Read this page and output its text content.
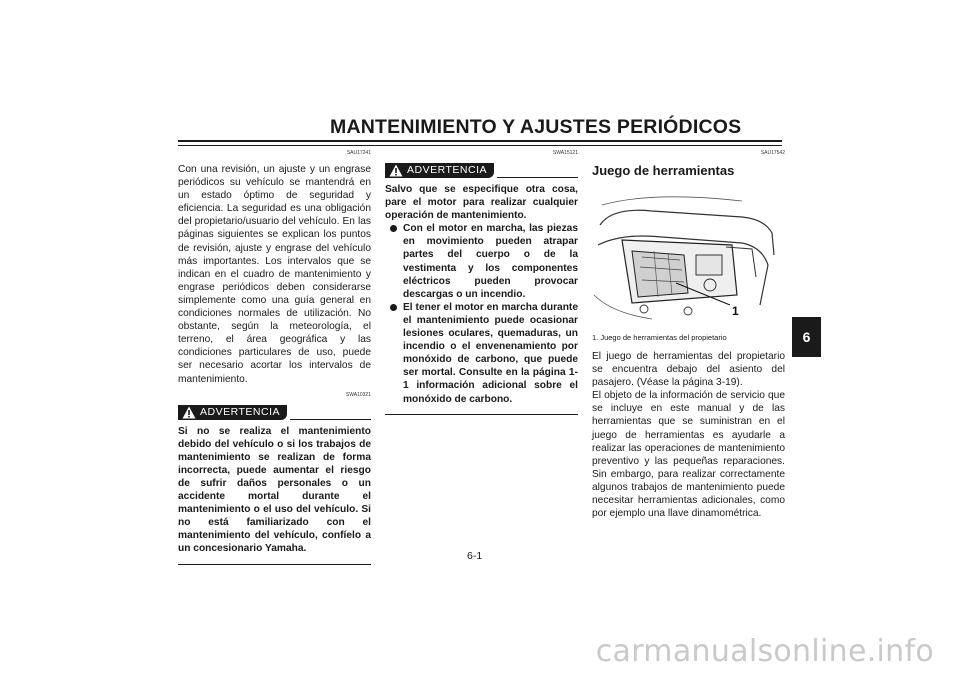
MANTENIMIENTO Y AJUSTES PERIÓDICOS
SAU17241

Con una revisión, un ajuste y un engrase periódicos su vehículo se mantendrá en un estado óptimo de seguridad y eficiencia. La seguridad es una obligación del propietario/usuario del vehículo. En las páginas siguientes se explican los puntos de revisión, ajuste y engrase del vehículo más importantes. Los intervalos que se indican en el cuadro de mantenimiento y engrase periódicos deben considerarse simplemente como una guía general en condiciones normales de utilización. No obstante, según la meteorología, el terreno, el área geográfica y las condiciones particulares de uso, puede ser necesario acortar los intervalos de mantenimiento.

SWA10321
ADVERTENCIA

Si no se realiza el mantenimiento debido del vehículo o si los trabajos de mantenimiento se realizan de forma incorrecta, puede aumentar el riesgo de sufrir daños personales o un accidente mortal durante el mantenimiento o el uso del vehículo. Si no está familiarizado con el mantenimiento del vehículo, confíelo a un concesionario Yamaha.

SWA15121
ADVERTENCIA

Salvo que se especifique otra cosa, pare el motor para realizar cualquier operación de mantenimiento.

Con el motor en marcha, las piezas en movimiento pueden atrapar partes del cuerpo o de la vestimenta y los componentes eléctricos pueden provocar descargas o un incendio.
El tener el motor en marcha durante el mantenimiento puede ocasionar lesiones oculares, quemaduras, un incendio o el envenenamiento por monóxido de carbono, que puede ser mortal. Consulte en la página 1-1 información adicional sobre el monóxido de carbono.
SAU17542
Juego de herramientas
1
1. Juego de herramientas del propietario

El juego de herramientas del propietario se encuentra debajo del asiento del pasajero. (Véase la página 3-19).

El objeto de la información de servicio que se incluye en este manual y de las herramientas que se suministran en el juego de herramientas es ayudarle a realizar las operaciones de mantenimiento preventivo y las pequeñas reparaciones. Sin embargo, para realizar correctamente algunos trabajos de mantenimiento puede necesitar herramientas adicionales, como por ejemplo una llave dinamométrica.

6
6-1
carmanualsonline.info
